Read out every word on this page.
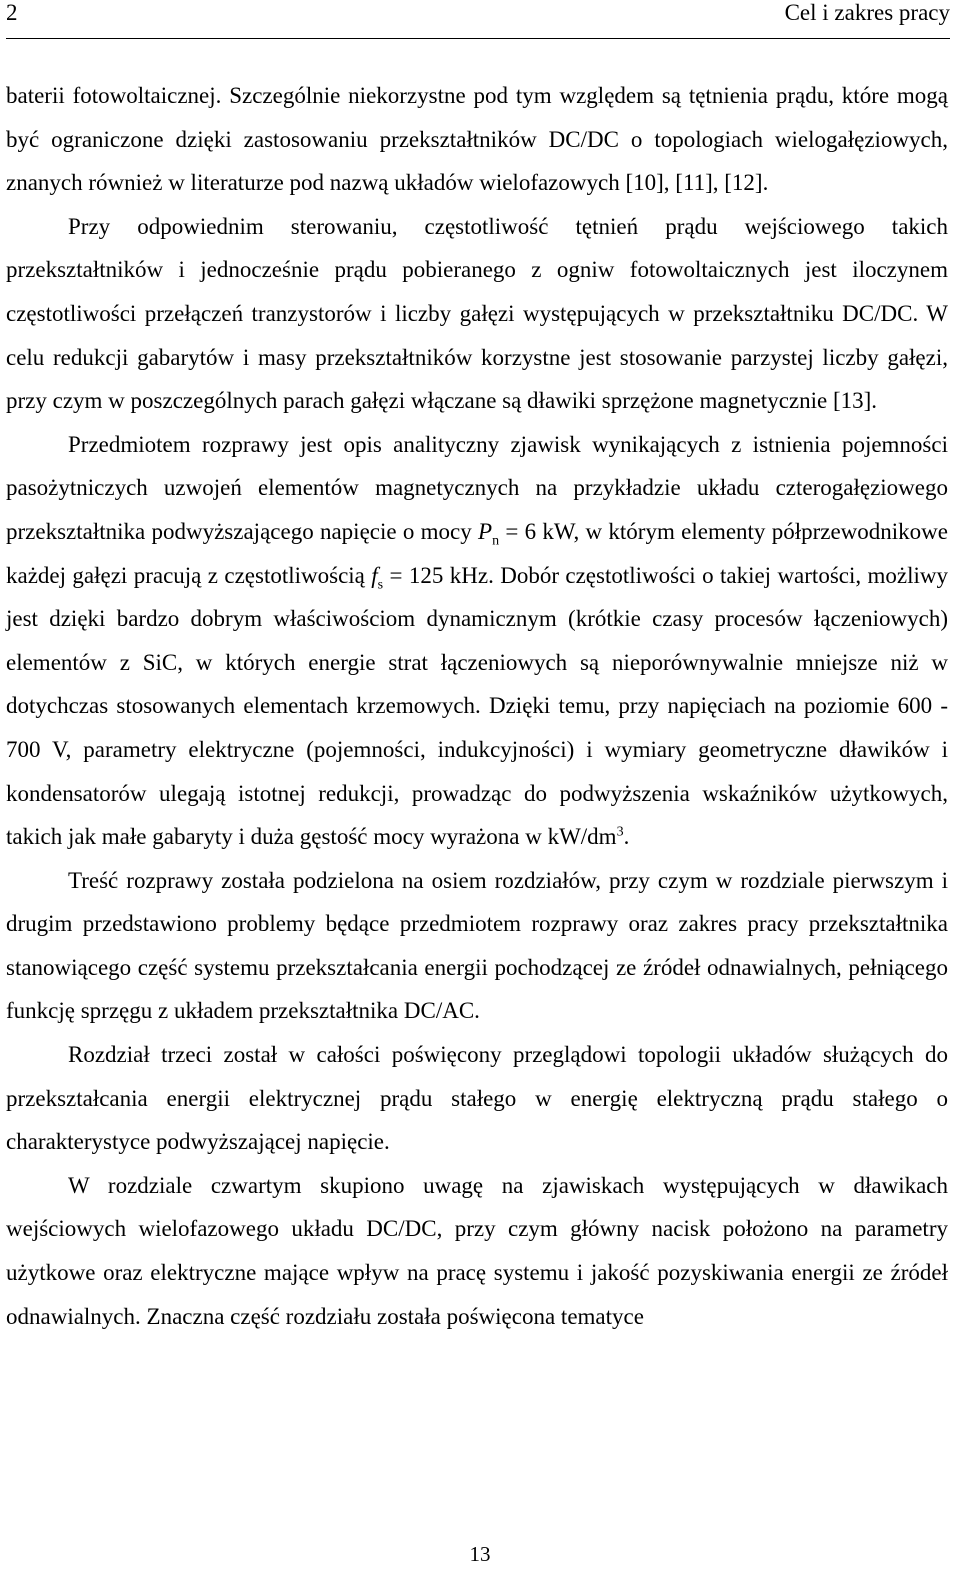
2	Cel i zakres pracy

baterii fotowoltaicznej. Szczególnie niekorzystne pod tym względem są tętnienia prądu, które mogą być ograniczone dzięki zastosowaniu przekształtników DC/DC o topologiach wielogałęziowych, znanych również w literaturze pod nazwą układów wielofazowych [10], [11], [12].

Przy odpowiednim sterowaniu, częstotliwość tętnień prądu wejściowego takich przekształtników i jednocześnie prądu pobieranego z ogniw fotowoltaicznych jest iloczynem częstotliwości przełączeń tranzystorów i liczby gałęzi występujących w przekształtniku DC/DC. W celu redukcji gabarytów i masy przekształtników korzystne jest stosowanie parzystej liczby gałęzi, przy czym w poszczególnych parach gałęzi włączane są dławiki sprzężone magnetycznie [13].

Przedmiotem rozprawy jest opis analityczny zjawisk wynikających z istnienia pojemności pasożytniczych uzwojeń elementów magnetycznych na przykładzie układu czterogałęziowego przekształtnika podwyższającego napięcie o mocy $P_n = 6$ kW, w którym elementy półprzewodnikowe każdej gałęzi pracują z częstotliwością $f_s = 125$ kHz. Dobór częstotliwości o takiej wartości, możliwy jest dzięki bardzo dobrym właściwościom dynamicznym (krótkie czasy procesów łączeniowych) elementów z SiC, w których energie strat łączeniowych są nieporównywalnie mniejsze niż w dotychczas stosowanych elementach krzemowych. Dzięki temu, przy napięciach na poziomie 600 - 700 V, parametry elektryczne (pojemności, indukcyjności) i wymiary geometryczne dławików i kondensatorów ulegają istotnej redukcji, prowadząc do podwyższenia wskaźników użytkowych, takich jak małe gabaryty i duża gęstość mocy wyrażona w $kW/dm^3$.

Treść rozprawy została podzielona na osiem rozdziałów, przy czym w rozdziale pierwszym i drugim przedstawiono problemy będące przedmiotem rozprawy oraz zakres pracy przekształtnika stanowiącego część systemu przekształcania energii pochodzącej ze źródeł odnawialnych, pełniącego funkcję sprzęgu z układem przekształtnika DC/AC.

Rozdział trzeci został w całości poświęcony przeglądowi topologii układów służących do przekształcania energii elektrycznej prądu stałego w energię elektryczną prądu stałego o charakterystyce podwyższającej napięcie.

W rozdziale czwartym skupiono uwagę na zjawiskach występujących w dławikach wejściowych wielofazowego układu DC/DC, przy czym główny nacisk położono na parametry użytkowe oraz elektryczne mające wpływ na pracę systemu i jakość pozyskiwania energii ze źródeł odnawialnych. Znaczna część rozdziału została poświęcona tematyce

13
